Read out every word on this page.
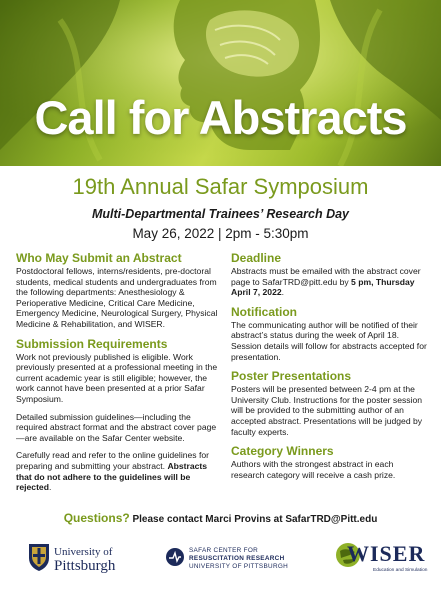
Call for Abstracts
19th Annual Safar Symposium
Multi-Departmental Trainees’ Research Day
May 26, 2022 | 2pm - 5:30pm
Who May Submit an Abstract

Postdoctoral fellows, interns/residents, pre-doctoral students, medical students and undergraduates from the following departments: Anesthesiology & Perioperative Medicine, Critical Care Medicine, Emergency Medicine, Neurological Surgery, Physical Medicine & Rehabilitation, and WISER.

Submission Requirements

Work not previously published is eligible. Work previously presented at a professional meeting in the current academic year is still eligible; however, the work cannot have been presented at a prior Safar Symposium.

Detailed submission guidelines—including the required abstract format and the abstract cover page—are available on the Safar Center website.

Carefully read and refer to the online guidelines for preparing and submitting your abstract. Abstracts that do not adhere to the guidelines will be rejected.

Deadline

Abstracts must be emailed with the abstract cover page to SafarTRD@pitt.edu by 5 pm, Thursday April 7, 2022.

Notification

The communicating author will be notified of their abstract’s status during the week of April 18. Session details will follow for abstracts accepted for presentation.

Poster Presentations

Posters will be presented between 2-4 pm at the University Club. Instructions for the poster session will be provided to the submitting author of an accepted abstract. Presentations will be judged by faculty experts.

Category Winners

Authors with the strongest abstract in each research category will receive a cash prize.

Questions? Please contact Marci Provins at SafarTRD@Pitt.edu
University of
Pittsburgh
SAFAR CENTER FOR
RESUSCITATION RESEARCH
UNIVERSITY OF PITTSBURGH
WISER
Education and Simulation
